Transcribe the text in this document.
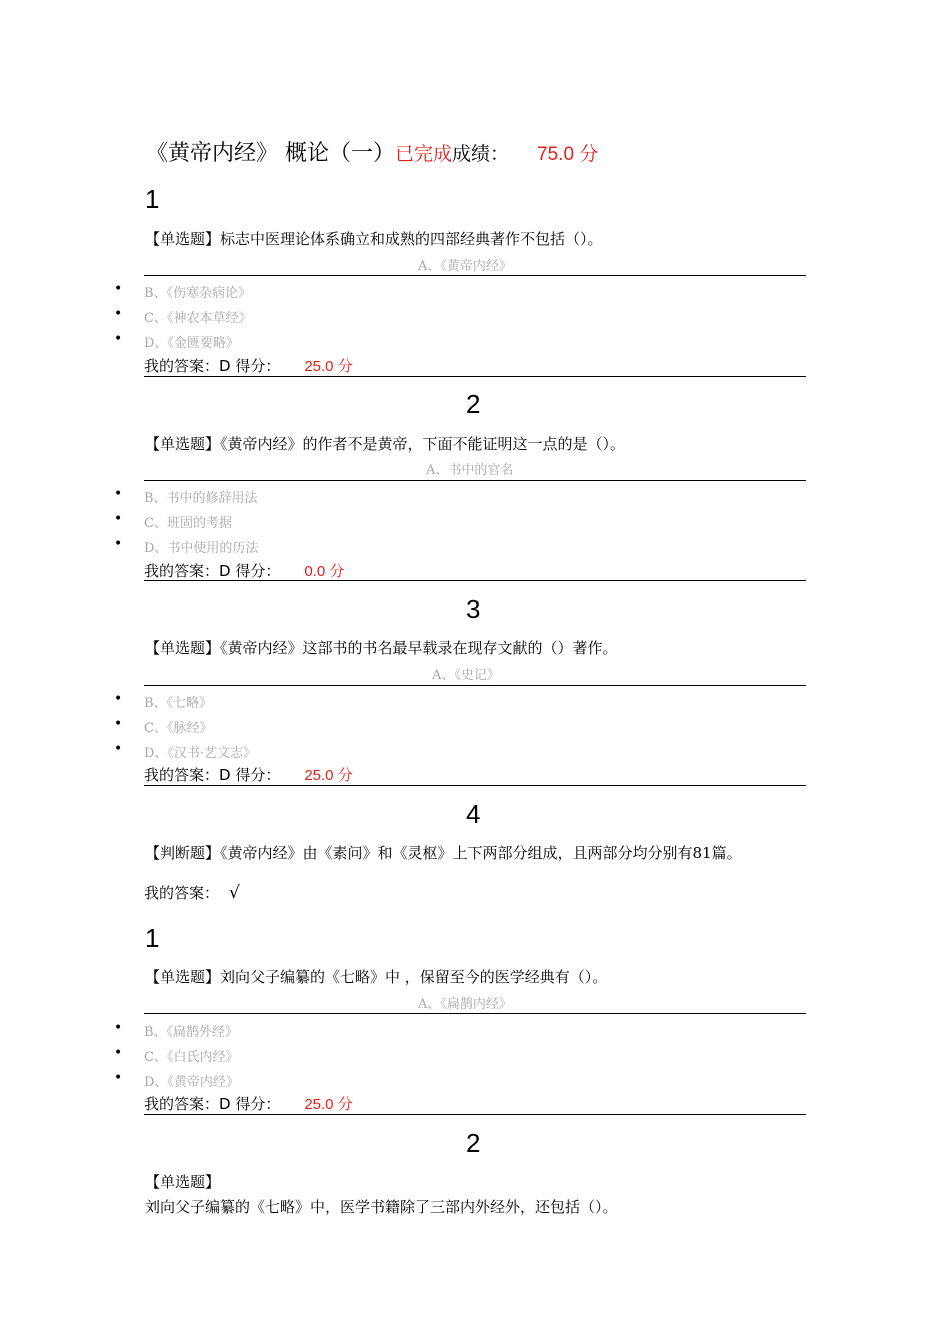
《黄帝内经》 概论（一）已完成成绩： 75.0 分
1
【单选题】标志中医理论体系确立和成熟的四部经典著作不包括（）。
A、《黄帝内经》
• B、《伤寒杂病论》
• C、《神农本草经》
• D、《金匮要略》
我的答案：D 得分： 25.0 分
2
【单选题】《黄帝内经》的作者不是黄帝，下面不能证明这一点的是（）。
A、书中的官名
• B、书中的修辞用法
• C、班固的考据
• D、书中使用的历法
我的答案：D 得分： 0.0 分
3
【单选题】《黄帝内经》这部书的书名最早载录在现存文献的（）著作。
A、《史记》
• B、《七略》
• C、《脉经》
• D、《汉书·艺文志》
我的答案：D 得分： 25.0 分
4
【判断题】《黄帝内经》由《素问》和《灵枢》上下两部分组成，且两部分均分别有81篇。
我的答案： √
1
【单选题】刘向父子编纂的《七略》中 ，保留至今的医学经典有（）。
A、《扁鹊内经》
• B、《扁鹊外经》
• C、《白氏内经》
• D、《黄帝内经》
我的答案：D 得分： 25.0 分
2
【单选题】
刘向父子编纂的《七略》中，医学书籍除了三部内外经外，还包括（）。
